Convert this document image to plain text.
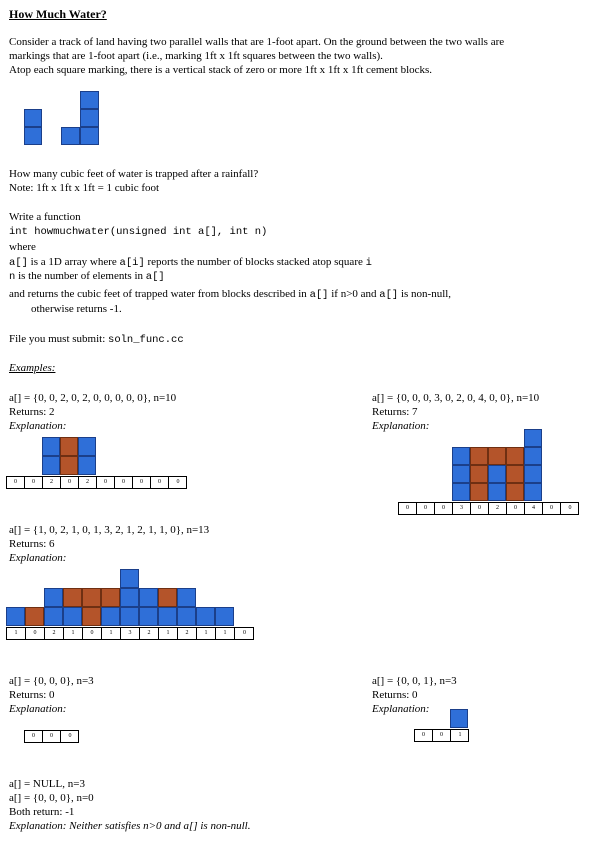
How Much Water?
Consider a track of land having two parallel walls that are 1-foot apart. On the ground between the two walls are
markings that are 1-foot apart (i.e., marking 1ft x 1ft squares between the two walls).
Atop each square marking, there is a vertical stack of zero or more 1ft x 1ft x 1ft cement blocks.
How many cubic feet of water is trapped after a rainfall?
Note: 1ft x 1ft x 1ft = 1 cubic foot
Write a function
int howmuchwater(unsigned int a[], int n)
where
a[] is a 1D array where a[i] reports the number of blocks stacked atop square i
n is the number of elements in a[]
and returns the cubic feet of trapped water from blocks described in a[] if n>0 and a[] is non-null,
otherwise returns -1.
File you must submit: soln_func.cc
Examples:
a[] = {0, 0, 2, 0, 2, 0, 0, 0, 0, 0}, n=10
Returns: 2
Explanation:
0	0	2	0	2	0	0	0	0	0
a[] = {0, 0, 0, 3, 0, 2, 0, 4, 0, 0}, n=10
Returns: 7
Explanation:
0	0	0	3	0	2	0	4	0	0
a[] = {1, 0, 2, 1, 0, 1, 3, 2, 1, 2, 1, 1, 0}, n=13
Returns: 6
Explanation:
1	0	2	1	0	1	3	2	1	2	1	1	0
a[] = {0, 0, 0}, n=3
Returns: 0
Explanation:
0	0	0
a[] = {0, 0, 1}, n=3
Returns: 0
Explanation:
0	0	1
a[] = NULL, n=3
a[] = {0, 0, 0}, n=0
Both return: -1
Explanation: Neither satisfies n>0 and a[] is non-null.
